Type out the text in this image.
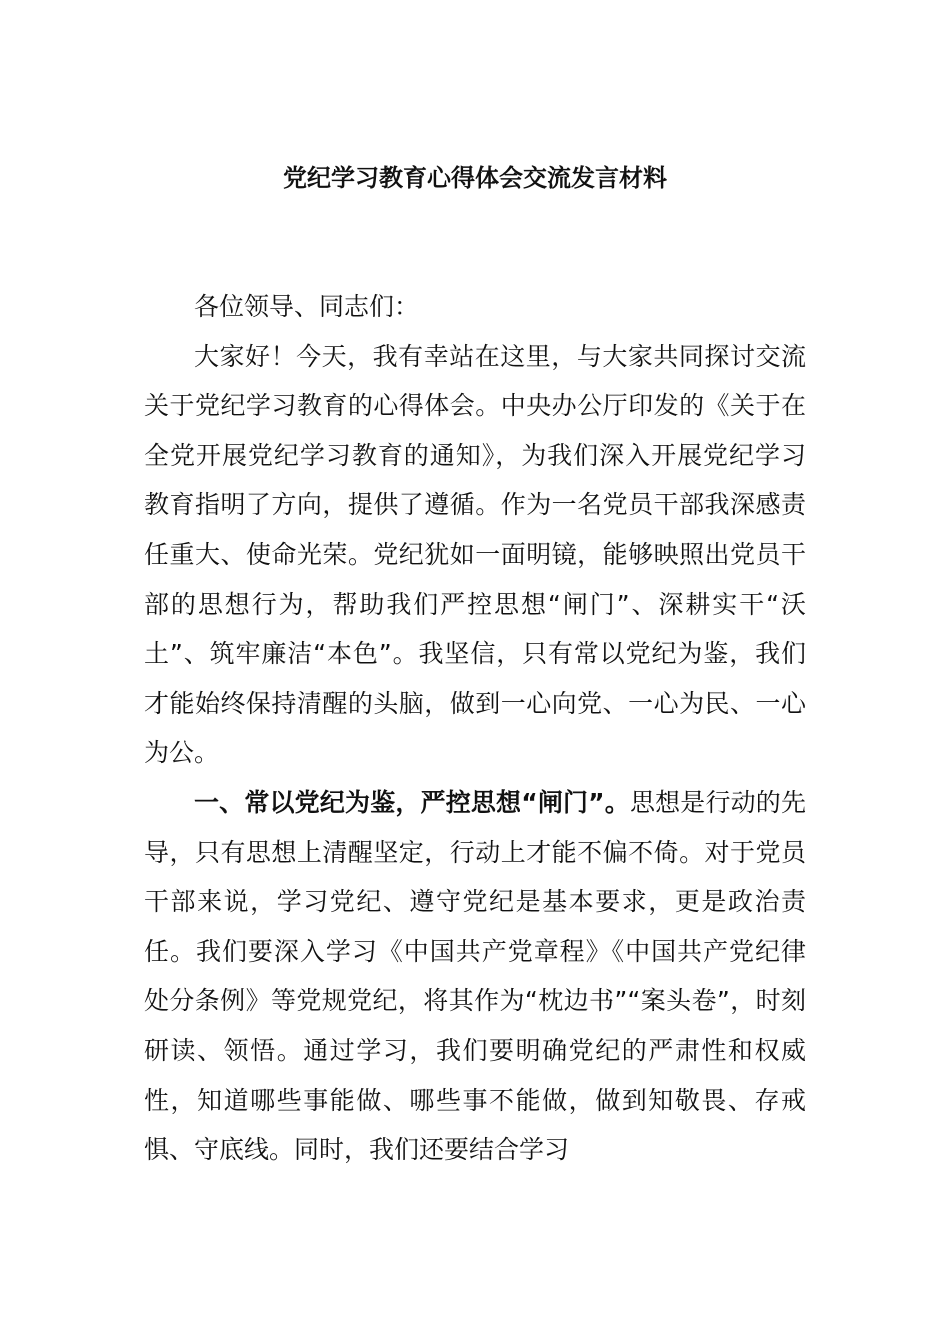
党纪学习教育心得体会交流发言材料

各位领导、同志们：

大家好！今天，我有幸站在这里，与大家共同探讨交流关于党纪学习教育的心得体会。中央办公厅印发的《关于在全党开展党纪学习教育的通知》，为我们深入开展党纪学习教育指明了方向，提供了遵循。作为一名党员干部我深感责任重大、使命光荣。党纪犹如一面明镜，能够映照出党员干部的思想行为，帮助我们严控思想“闸门”、深耕实干“沃土”、筑牢廉洁“本色”。我坚信，只有常以党纪为鉴，我们才能始终保持清醒的头脑，做到一心向党、一心为民、一心为公。

一、常以党纪为鉴，严控思想“闸门”。思想是行动的先导，只有思想上清醒坚定，行动上才能不偏不倚。对于党员干部来说，学习党纪、遵守党纪是基本要求，更是政治责任。我们要深入学习《中国共产党章程》《中国共产党纪律处分条例》等党规党纪，将其作为“枕边书”“案头卷”，时刻研读、领悟。通过学习，我们要明确党纪的严肃性和权威性，知道哪些事能做、哪些事不能做，做到知敬畏、存戒惧、守底线。同时，我们还要结合学习
